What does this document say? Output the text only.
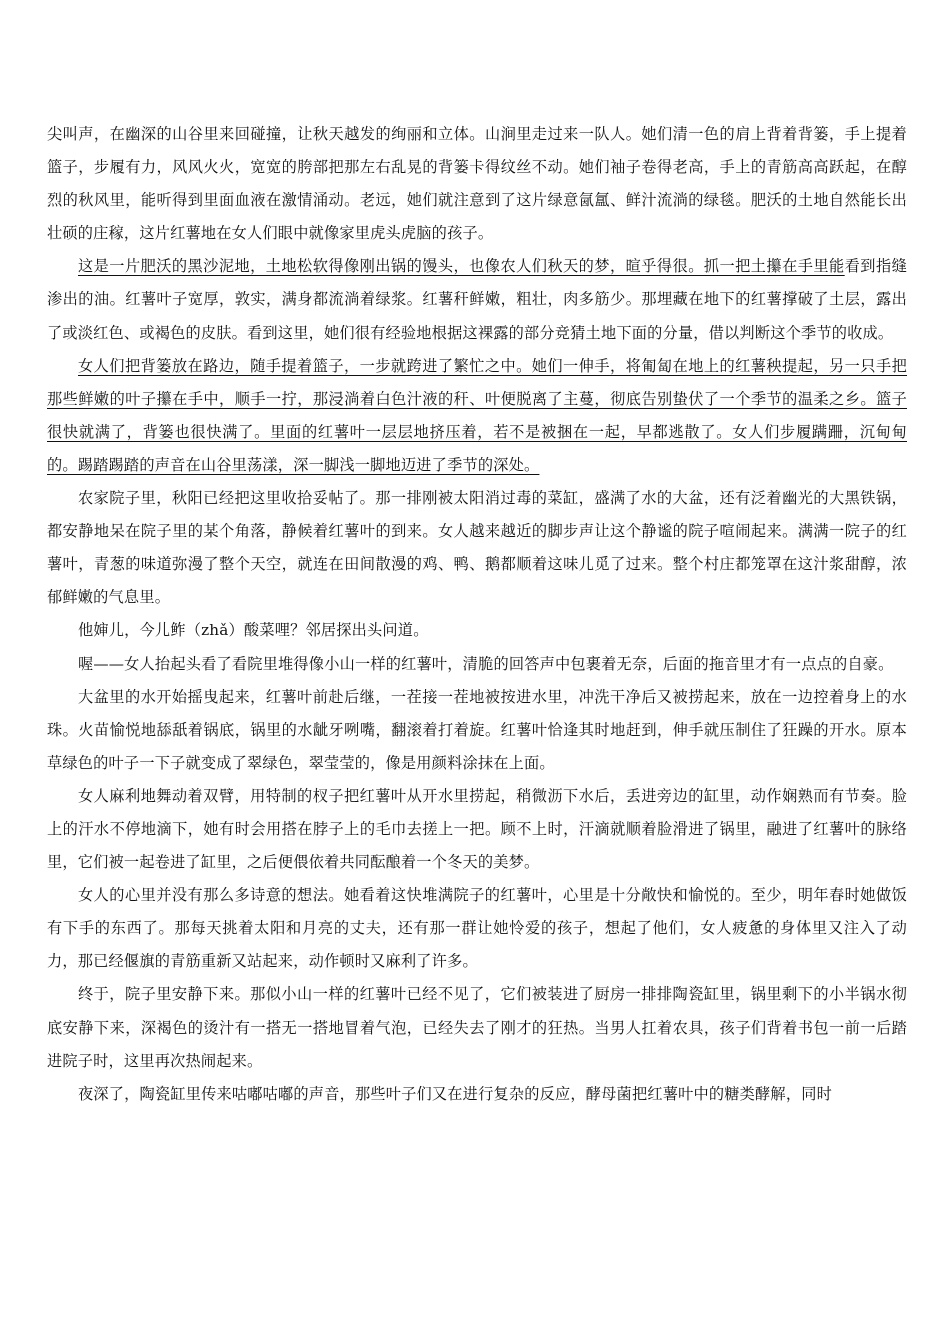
尖叫声，在幽深的山谷里来回碰撞，让秋天越发的绚丽和立体。山涧里走过来一队人。她们清一色的肩上背着背篓，手上提着篮子，步履有力，风风火火，宽宽的胯部把那左右乱晃的背篓卡得纹丝不动。她们袖子卷得老高，手上的青筋高高跃起，在醇烈的秋风里，能听得到里面血液在激情涌动。老远，她们就注意到了这片绿意氤氲、鲜汁流淌的绿毯。肥沃的土地自然能长出壮硕的庄稼，这片红薯地在女人们眼中就像家里虎头虎脑的孩子。

这是一片肥沃的黑沙泥地，土地松软得像刚出锅的馒头，也像农人们秋天的梦，暄乎得很。抓一把土攥在手里能看到指缝渗出的油。红薯叶子宽厚，敦实，满身都流淌着绿浆。红薯秆鲜嫩，粗壮，肉多筋少。那埋藏在地下的红薯撑破了土层，露出了或淡红色、或褐色的皮肤。看到这里，她们很有经验地根据这裸露的部分竞猜土地下面的分量，借以判断这个季节的收成。

女人们把背篓放在路边，随手提着篮子，一步就跨进了繁忙之中。她们一伸手，将匍匐在地上的红薯秧提起，另一只手把那些鲜嫩的叶子攥在手中，顺手一拧，那浸淌着白色汁液的秆、叶便脱离了主蔓，彻底告别蛰伏了一个季节的温柔之乡。篮子很快就满了，背篓也很快满了。里面的红薯叶一层层地挤压着，若不是被捆在一起，早都逃散了。女人们步履蹒跚，沉甸甸的。踢踏踢踏的声音在山谷里荡漾，深一脚浅一脚地迈进了季节的深处。

农家院子里，秋阳已经把这里收拾妥帖了。那一排刚被太阳消过毒的菜缸，盛满了水的大盆，还有泛着幽光的大黑铁锅，都安静地呆在院子里的某个角落，静候着红薯叶的到来。女人越来越近的脚步声让这个静谧的院子喧闹起来。满满一院子的红薯叶，青葱的味道弥漫了整个天空，就连在田间散漫的鸡、鸭、鹅都顺着这味儿觅了过来。整个村庄都笼罩在这汁浆甜醇，浓郁鲜嫩的气息里。

他婶儿，今儿鲊（zhǎ）酸菜哩？邻居探出头问道。

喔——女人抬起头看了看院里堆得像小山一样的红薯叶，清脆的回答声中包裹着无奈，后面的拖音里才有一点点的自豪。

大盆里的水开始摇曳起来，红薯叶前赴后继，一茬接一茬地被按进水里，冲洗干净后又被捞起来，放在一边控着身上的水珠。火苗愉悦地舔舐着锅底，锅里的水龇牙咧嘴，翻滚着打着旋。红薯叶恰逢其时地赶到，伸手就压制住了狂躁的开水。原本草绿色的叶子一下子就变成了翠绿色，翠莹莹的，像是用颜料涂抹在上面。

女人麻利地舞动着双臂，用特制的杈子把红薯叶从开水里捞起，稍微沥下水后，丢进旁边的缸里，动作娴熟而有节奏。脸上的汗水不停地滴下，她有时会用搭在脖子上的毛巾去搓上一把。顾不上时，汗滴就顺着脸滑进了锅里，融进了红薯叶的脉络里，它们被一起卷进了缸里，之后便偎依着共同酝酿着一个冬天的美梦。

女人的心里并没有那么多诗意的想法。她看着这快堆满院子的红薯叶，心里是十分敞快和愉悦的。至少，明年春时她做饭有下手的东西了。那每天挑着太阳和月亮的丈夫，还有那一群让她怜爱的孩子，想起了他们，女人疲惫的身体里又注入了动力，那已经偃旗的青筋重新又站起来，动作顿时又麻利了许多。

终于，院子里安静下来。那似小山一样的红薯叶已经不见了，它们被装进了厨房一排排陶瓷缸里，锅里剩下的小半锅水彻底安静下来，深褐色的烫汁有一搭无一搭地冒着气泡，已经失去了刚才的狂热。当男人扛着农具，孩子们背着书包一前一后踏进院子时，这里再次热闹起来。

夜深了，陶瓷缸里传来咕嘟咕嘟的声音，那些叶子们又在进行复杂的反应，酵母菌把红薯叶中的糖类酵解，同时
